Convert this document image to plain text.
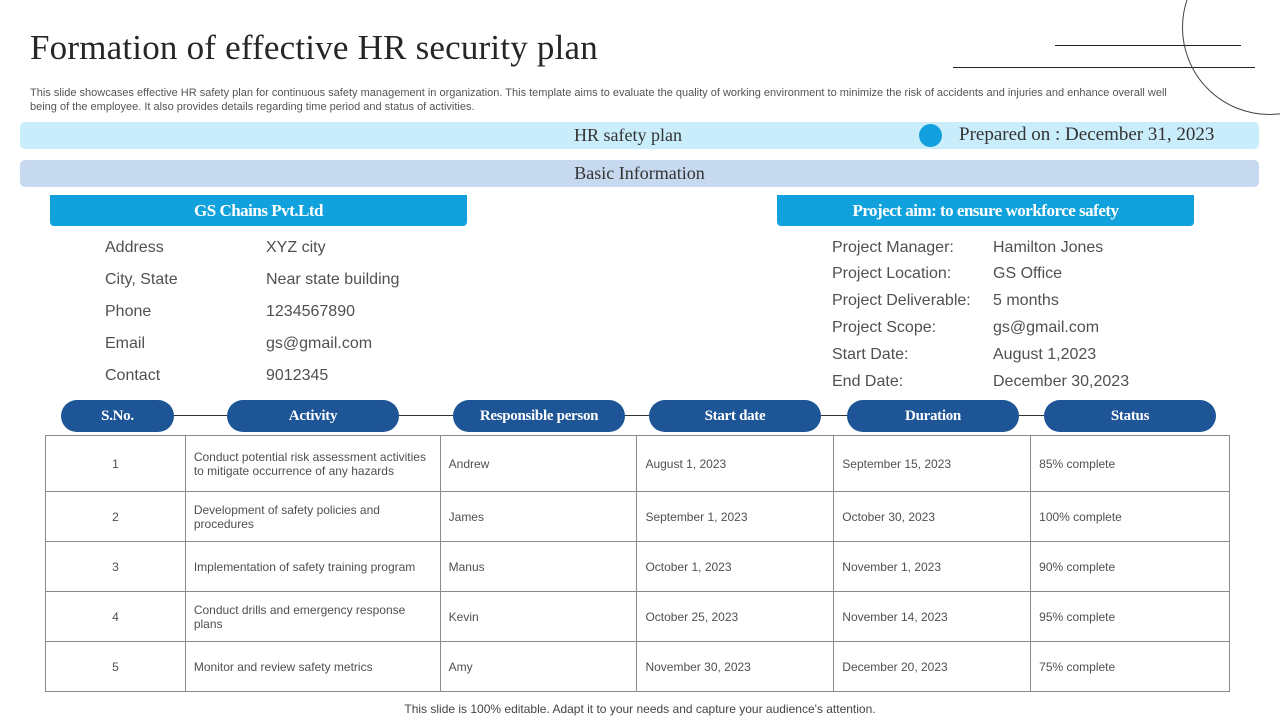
Formation of effective HR security plan
This slide showcases effective HR safety plan for continuous safety management in organization. This template aims to evaluate the quality of working environment to minimize the risk of accidents and injuries and enhance overall well being of the employee. It also provides details regarding time period and status of activities.
HR safety plan	Prepared on : December 31, 2023
Basic Information
GS Chains Pvt.Ltd	Project aim: to ensure workforce safety
Address	XYZ city
City, State	Near state building
Phone	1234567890
Email	gs@gmail.com
Contact	9012345
Project Manager: Hamilton Jones
Project Location:	GS Office
Project Deliverable: 5 months
Project Scope:	gs@gmail.com
Start Date:	August 1,2023
End Date:	December 30,2023
S.No.	Activity	Responsible person	Start date	Duration	Status
1	Conduct potential risk assessment activities to mitigate occurrence of any hazards	Andrew	August 1, 2023	September 15, 2023	85% complete
2	Development of safety policies and procedures	James	September 1, 2023	October 30, 2023	100% complete
3	Implementation of safety training program	Manus	October 1, 2023	November 1, 2023	90% complete
4	Conduct drills and emergency response plans	Kevin	October 25, 2023	November 14, 2023	95% complete
5	Monitor and review safety metrics	Amy	November 30, 2023	December 20, 2023	75% complete
This slide is 100% editable. Adapt it to your needs and capture your audience's attention.
